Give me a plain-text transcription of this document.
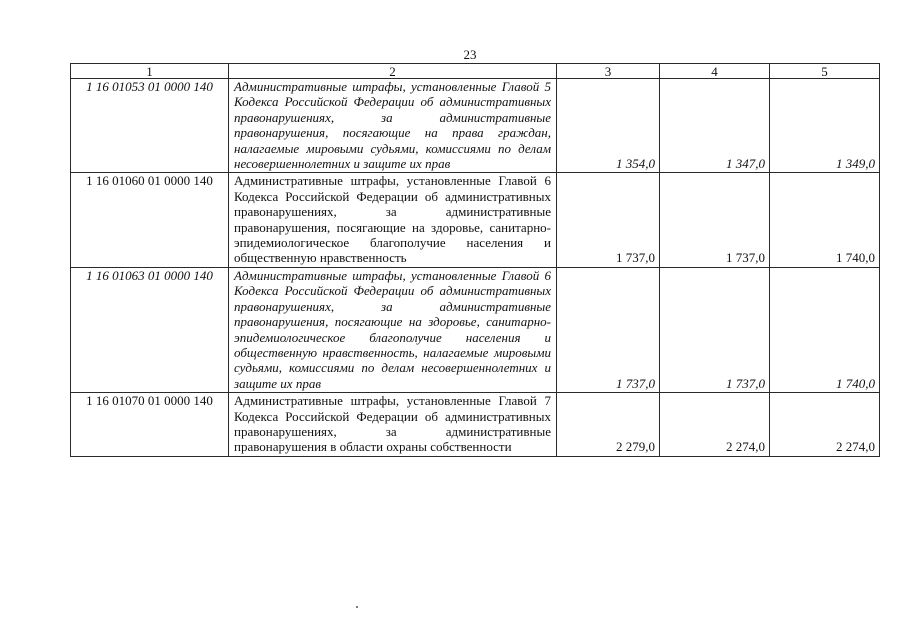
23
1	2	3	4	5
1 16 01053 01 0000 140	Административные штрафы, установленные Главой 5 Кодекса Российской Федерации об административных правонарушениях, за административные правонарушения, посягающие на права граждан, налагаемые мировыми судьями, комиссиями по делам несовершеннолетних и защите их прав	1 354,0	1 347,0	1 349,0
1 16 01060 01 0000 140	Административные штрафы, установленные Главой 6 Кодекса Российской Федерации об административных правонарушениях, за административные правонарушения, посягающие на здоровье, санитарно-эпидемиологическое благополучие населения и общественную нравственность	1 737,0	1 737,0	1 740,0
1 16 01063 01 0000 140	Административные штрафы, установленные Главой 6 Кодекса Российской Федерации об административных правонарушениях, за административные правонарушения, посягающие на здоровье, санитарно-эпидемиологическое благополучие населения и общественную нравственность, налагаемые мировыми судьями, комиссиями по делам несовершеннолетних и защите их прав	1 737,0	1 737,0	1 740,0
1 16 01070 01 0000 140	Административные штрафы, установленные Главой 7 Кодекса Российской Федерации об административных правонарушениях, за административные правонарушения в области охраны собственности	2 279,0	2 274,0	2 274,0
